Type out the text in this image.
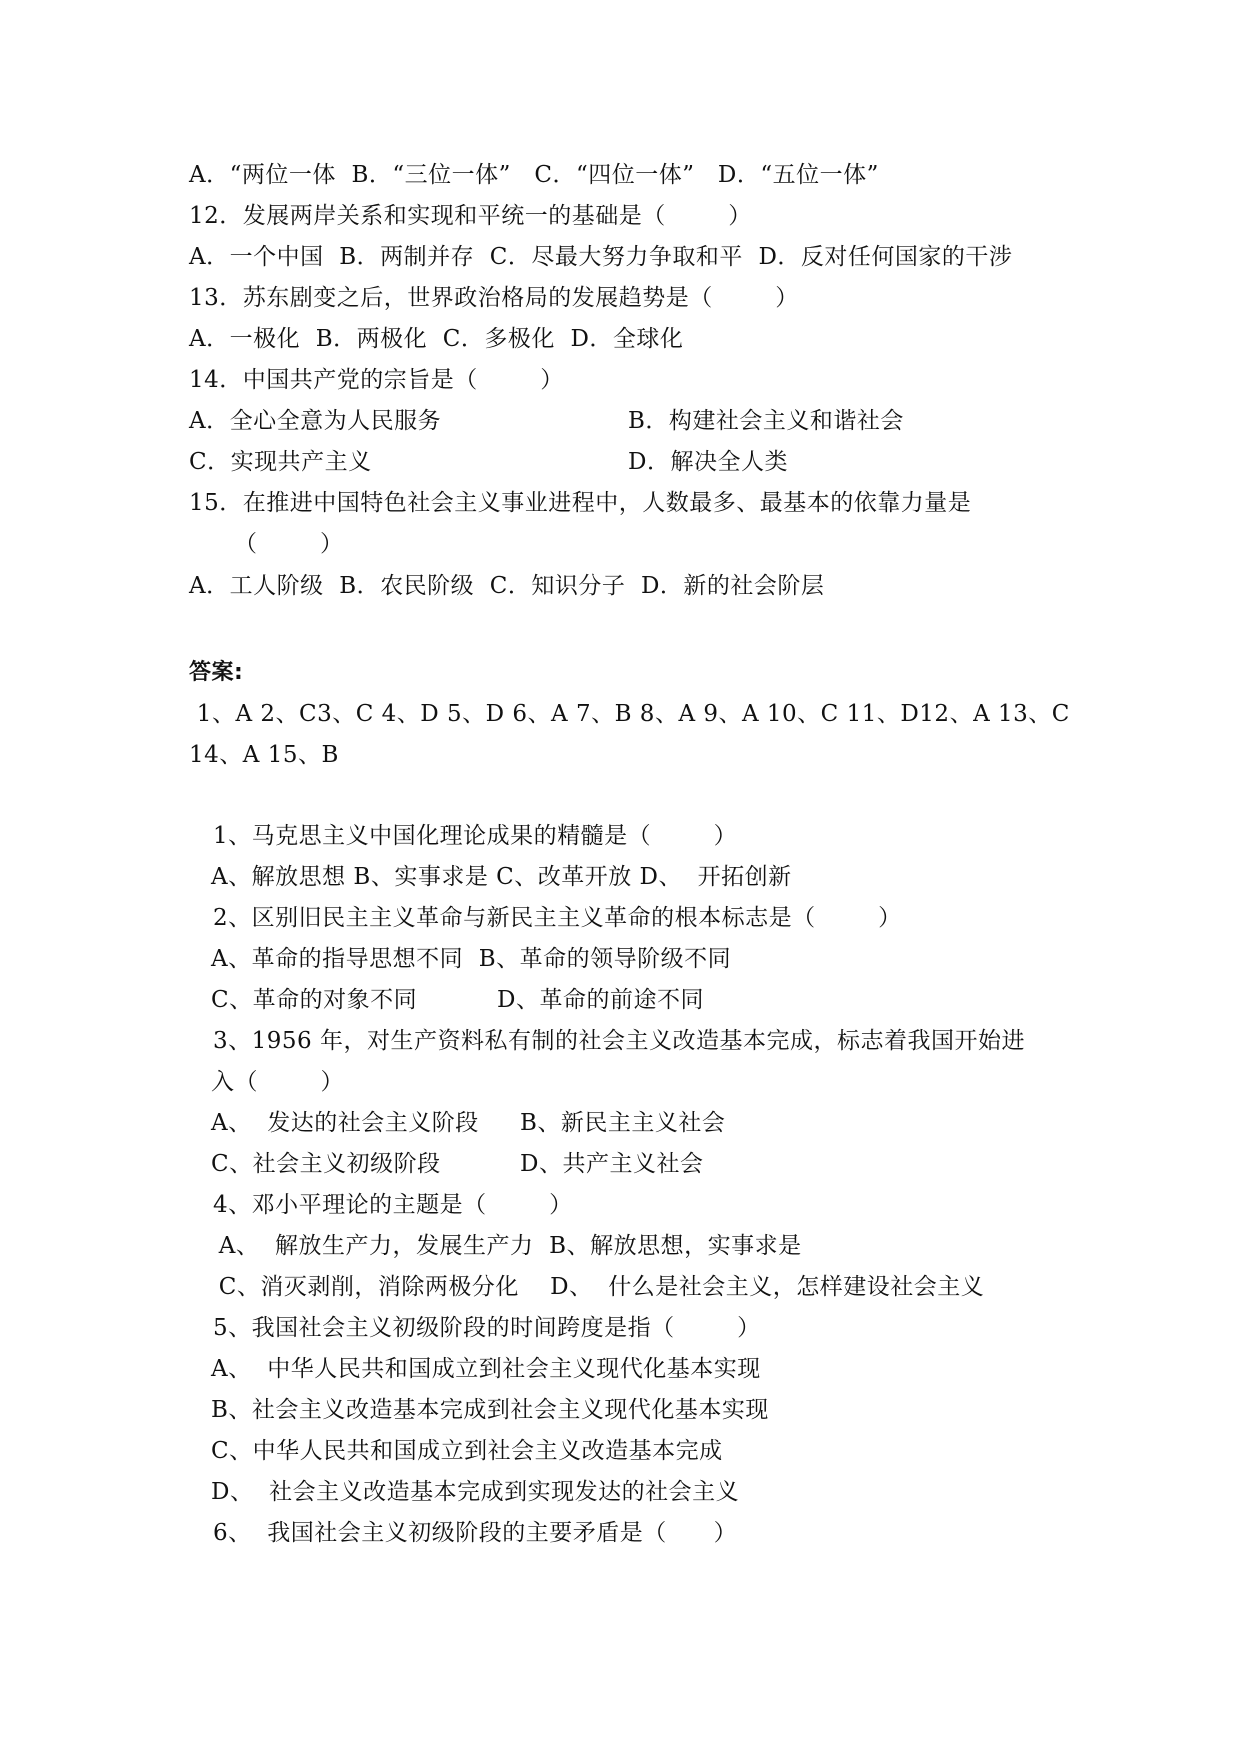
A．“两位一体  B．“三位一体”   C．“四位一体”   D．“五位一体”
12．发展两岸关系和实现和平统一的基础是（        ）
A．一个中国  B．两制并存  C．尽最大努力争取和平  D．反对任何国家的干涉
13．苏东剧变之后，世界政治格局的发展趋势是（        ）
A．一极化  B．两极化  C．多极化  D．全球化
14．中国共产党的宗旨是（        ）
A．全心全意为人民服务	B．构建社会主义和谐社会
C．实现共产主义	D．解决全人类
15．在推进中国特色社会主义事业进程中，人数最多、最基本的依靠力量是
（        ）
A．工人阶级  B．农民阶级  C．知识分子  D．新的社会阶层
答案:
1、A 2、C3、C 4、D 5、D 6、A 7、B 8、A 9、A 10、C 11、D12、A 13、C
14、A 15、B
1、马克思主义中国化理论成果的精髓是（        ）
A、解放思想 B、实事求是 C、改革开放 D、  开拓创新
2、区别旧民主主义革命与新民主主义革命的根本标志是（        ）
A、革命的指导思想不同  B、革命的领导阶级不同
C、革命的对象不同	D、革命的前途不同
3、1956 年，对生产资料私有制的社会主义改造基本完成，标志着我国开始进
入（        ）
A、  发达的社会主义阶段 B、新民主主义社会
C、社会主义初级阶段	D、共产主义社会
4、邓小平理论的主题是（        ）
A、  解放生产力，发展生产力  B、解放思想，实事求是
C、消灭剥削，消除两极分化    D、  什么是社会主义，怎样建设社会主义
5、我国社会主义初级阶段的时间跨度是指（        ）
A、  中华人民共和国成立到社会主义现代化基本实现
B、社会主义改造基本完成到社会主义现代化基本实现
C、中华人民共和国成立到社会主义改造基本完成
D、  社会主义改造基本完成到实现发达的社会主义
6、  我国社会主义初级阶段的主要矛盾是（      ）
